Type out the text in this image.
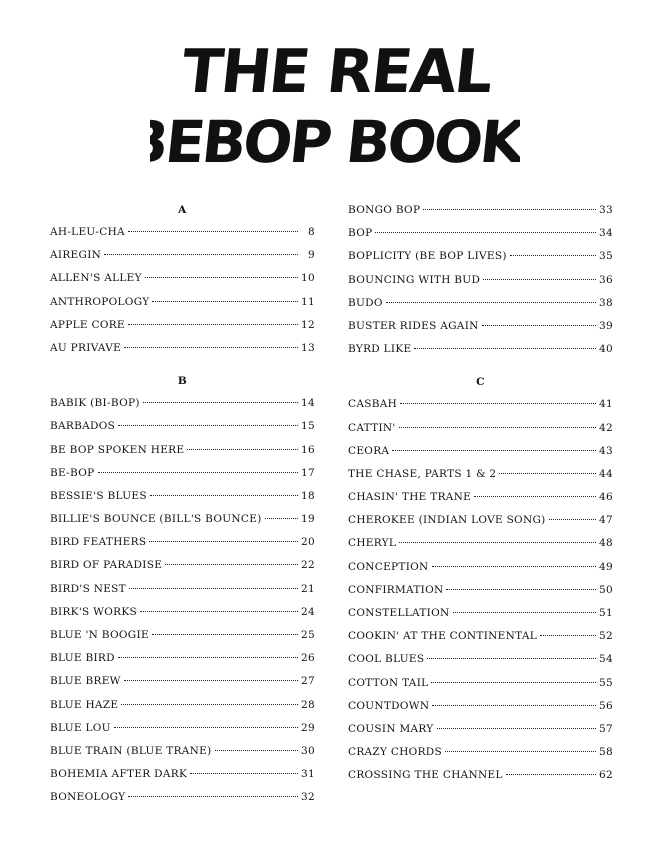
THE REAL
BEBOP BOOK
A
AH-LEU-CHA	8
AIREGIN	9
ALLEN'S ALLEY	10
ANTHROPOLOGY	11
APPLE CORE	12
AU PRIVAVE	13
B
BABIK (BI-BOP)	14
BARBADOS	15
BE BOP SPOKEN HERE	16
BE-BOP	17
BESSIE'S BLUES	18
BILLIE'S BOUNCE (BILL'S BOUNCE)	19
BIRD FEATHERS	20
BIRD OF PARADISE	22
BIRD'S NEST	21
BIRK'S WORKS	24
BLUE 'N BOOGIE	25
BLUE BIRD	26
BLUE BREW	27
BLUE HAZE	28
BLUE LOU	29
BLUE TRAIN (BLUE TRANE)	30
BOHEMIA AFTER DARK	31
BONEOLOGY	32
BONGO BOP	33
BOP	34
BOPLICITY (BE BOP LIVES)	35
BOUNCING WITH BUD	36
BUDO	38
BUSTER RIDES AGAIN	39
BYRD LIKE	40
C
CASBAH	41
CATTIN'	42
CEORA	43
THE CHASE, PARTS 1 & 2	44
CHASIN' THE TRANE	46
CHEROKEE (INDIAN LOVE SONG)	47
CHERYL	48
CONCEPTION	49
CONFIRMATION	50
CONSTELLATION	51
COOKIN' AT THE CONTINENTAL	52
COOL BLUES	54
COTTON TAIL	55
COUNTDOWN	56
COUSIN MARY	57
CRAZY CHORDS	58
CROSSING THE CHANNEL	62
